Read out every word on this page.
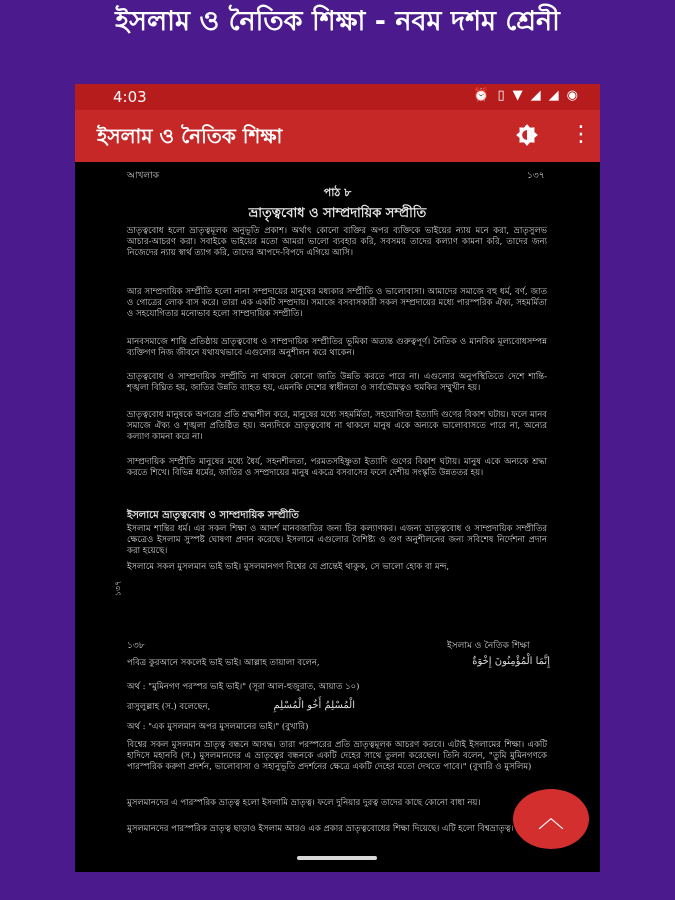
ইসলাম ও নৈতিক শিক্ষা - নবম দশম শ্রেনী
4:03	⏰ ▯ ▼ ◢ ◢ ◉
ইসলাম ও নৈতিক শিক্ষা	⋮
আখলাক	১৩৭
পাঠ ৮
ভ্রাতৃত্ববোধ ও সাম্প্রদায়িক সম্প্রীতি
ভ্রাতৃত্ববোধ হলো ভ্রাতৃত্বমূলক অনুভূতি প্রকাশ। অর্থাৎ কোনো ব্যক্তির অপর ব্যক্তিকে ভাইয়ের ন্যায় মনে করা, ভ্রাতৃসুলভ আচার-আচরণ করা। সবাইকে ভাইয়ের মতো আমরা ভালো ব্যবহার করি, সবসময় তাদের কল্যাণ কামনা করি, তাদের জন্য নিজেদের ন্যায় স্বার্থ ত্যাগ করি, তাদের আপদে-বিপদে এগিয়ে আসি।
আর সাম্প্রদায়িক সম্প্রীতি হলো নানা সম্প্রদায়ের মানুষের মধ্যকার সম্প্রীতি ও ভালোবাসা। আমাদের সমাজে বহু ধর্ম, বর্ণ, জাত ও গোত্রের লোক বাস করে। তারা এক একটি সম্প্রদায়। সমাজে বসবাসকারী সকল সম্প্রদায়ের মধ্যে পারস্পরিক ঐক্য, সহমর্মিতা ও সহযোগিতার মনোভাব হলো সাম্প্রদায়িক সম্প্রীতি।
মানবসমাজে শান্তি প্রতিষ্ঠায় ভ্রাতৃত্ববোধ ও সাম্প্রদায়িক সম্প্রীতির ভূমিকা অত্যন্ত গুরুত্বপূর্ণ। নৈতিক ও মানবিক মূল্যবোধসম্পন্ন ব্যক্তিগণ নিজ জীবনে যথাযথভাবে এগুলোর অনুশীলন করে থাকেন।
ভ্রাতৃত্ববোধ ও সাম্প্রদায়িক সম্প্রীতি না থাকলে কোনো জাতি উন্নতি করতে পারে না। এগুলোর অনুপস্থিতিতে দেশে শান্তি-শৃঙ্খলা বিঘ্নিত হয়, জাতির উন্নতি ব্যাহত হয়, এমনকি দেশের স্বাধীনতা ও সার্বভৌমত্বও হুমকির সম্মুখীন হয়।
ভ্রাতৃত্ববোধ মানুষকে অপরের প্রতি শ্রদ্ধাশীল করে, মানুষের মধ্যে সহমর্মিতা, সহযোগিতা ইত্যাদি গুণের বিকাশ ঘটায়। ফলে মানব সমাজে ঐক্য ও শৃঙ্খলা প্রতিষ্ঠিত হয়। অন্যদিকে ভ্রাতৃত্ববোধ না থাকলে মানুষ একে অন্যকে ভালোবাসতে পারে না, অন্যের কল্যাণ কামনা করে না।
সাম্প্রদায়িক সম্প্রীতি মানুষের মধ্যে ধৈর্য, সহনশীলতা, পরমতসহিষ্ণুতা ইত্যাদি গুণের বিকাশ ঘটায়। মানুষ একে অন্যকে শ্রদ্ধা করতে শিখে। বিভিন্ন ধর্মের, জাতির ও সম্প্রদায়ের মানুষ একত্রে বসবাসের ফলে দেশীয় সংস্কৃতি উন্নততর হয়।
ইসলামে ভ্রাতৃত্ববোধ ও সাম্প্রদায়িক সম্প্রীতি
ইসলাম শান্তির ধর্ম। এর সকল শিক্ষা ও আদর্শ মানবজাতির জন্য চির কল্যাণকর। এজন্য ভ্রাতৃত্ববোধ ও সাম্প্রদায়িক সম্প্রীতির ক্ষেত্রেও ইসলাম সুস্পষ্ট ঘোষণা প্রদান করেছে। ইসলামে এগুলোর বৈশিষ্ট্য ও গুণ অনুশীলনের জন্য সবিশেষ নির্দেশনা প্রদান করা হয়েছে।
ইসলামে সকল মুসলমান ভাই ভাই। মুসলমানগণ বিশ্বের যে প্রান্তেই থাকুক, সে ভালো হোক বা মন্দ,
১৩৭
১৩৮	ইসলাম ও নৈতিক শিক্ষা
পবিত্র কুরআনে সকলেই ভাই ভাই। আল্লাহ তায়ালা বলেন,	إِنَّمَا الْمُؤْمِنُونَ إِخْوَةٌ
অর্থ : "মুমিনগণ পরস্পর ভাই ভাই।" (সূরা আল-হুজুরাত, আয়াত ১০)
রাসুলুল্লাহ (স.) বলেছেন,	الْمُسْلِمُ أَخُو الْمُسْلِمِ
অর্থ : "এক মুসলমান অপর মুসলমানের ভাই।" (বুখারি)
বিশ্বের সকল মুসলমান ভ্রাতৃত্ব বন্ধনে আবদ্ধ। তারা পরস্পরের প্রতি ভ্রাতৃত্বমূলক আচরণ করবে। এটাই ইসলামের শিক্ষা। একটি হাদিসে মহানবি (স.) মুসলমানদের এ ভ্রাতৃত্বের বন্ধনকে একটি দেহের সাথে তুলনা করেছেন। তিনি বলেন, "তুমি মুমিনগণকে পারস্পরিক করুণা প্রদর্শন, ভালোবাসা ও সহানুভূতি প্রদর্শনের ক্ষেত্রে একটি দেহের মতো দেখতে পাবে।" (বুখারি ও মুসলিম)
মুসলমানদের এ পারস্পরিক ভ্রাতৃত্ব হলো ইসলামি ভ্রাতৃত্ব। ফলে দুনিয়ার দুরত্ব তাদের কাছে কোনো বাধা নয়।
মুসলমানদের পারস্পরিক ভ্রাতৃত্ব ছাড়াও ইসলাম আরও এক প্রকার ভ্রাতৃত্ববোধের শিক্ষা দিয়েছে। এটি হলো বিশ্বভ্রাতৃত্ব। ︿
